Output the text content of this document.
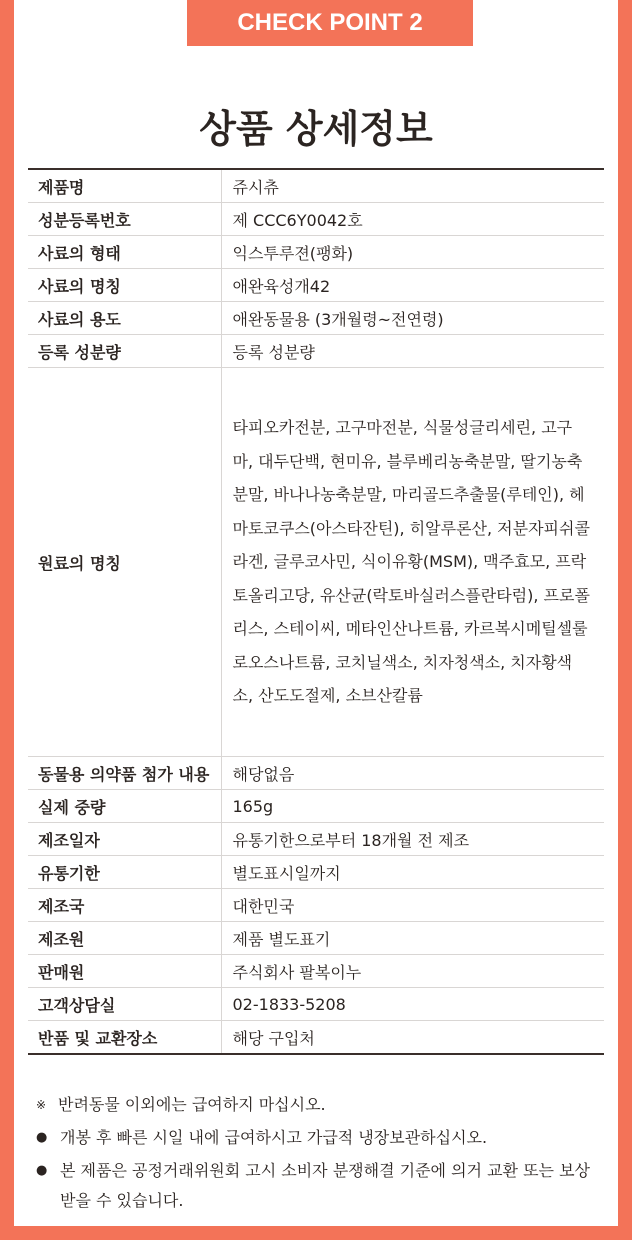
CHECK POINT 2
상품 상세정보
제품명	쥬시츄
성분등록번호	제 CCC6Y0042호
사료의 형태	익스투루젼(팽화)
사료의 명칭	애완육성개42
사료의 용도	애완동물용 (3개월령~전연령)
등록 성분량	등록 성분량
원료의 명칭	타피오카전분, 고구마전분, 식물성글리세린, 고구마, 대두단백, 현미유, 블루베리농축분말, 딸기농축분말, 바나나농축분말, 마리골드추출물(루테인), 헤마토코쿠스(아스타잔틴), 히알루론산, 저분자피쉬콜라겐, 글루코사민, 식이유황(MSM), 맥주효모, 프락토올리고당, 유산균(락토바실러스플란타럼), 프로폴리스, 스테이씨, 메타인산나트륨, 카르복시메틸셀룰로오스나트륨, 코치닐색소, 치자청색소, 치자황색소, 산도도절제, 소브산칼륨
동물용 의약품 첨가 내용	해당없음
실제 중량	165g
제조일자	유통기한으로부터 18개월 전 제조
유통기한	별도표시일까지
제조국	대한민국
제조원	제품 별도표기
판매원	주식회사 팔복이누
고객상담실	02-1833-5208
반품 및 교환장소	해당 구입처
※ 반려동물 이외에는 급여하지 마십시오.
● 개봉 후 빠른 시일 내에 급여하시고 가급적 냉장보관하십시오.
● 본 제품은 공정거래위원회 고시 소비자 분쟁해결 기준에 의거 교환 또는 보상받을 수 있습니다.
